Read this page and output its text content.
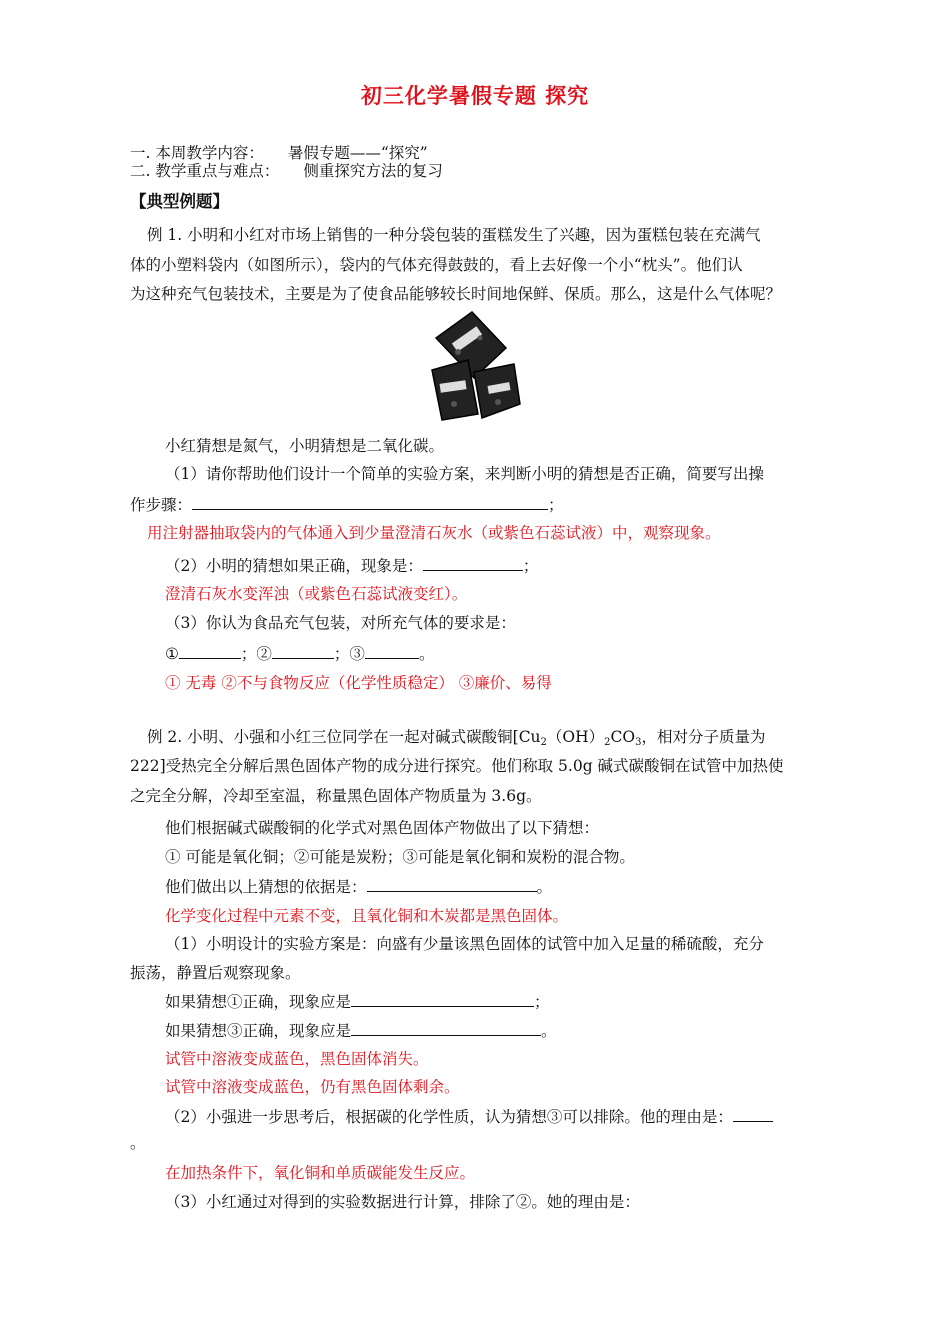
初三化学暑假专题 探究
一. 本周教学内容： 暑假专题——“探究”
二. 教学重点与难点： 侧重探究方法的复习
【典型例题】
例 1. 小明和小红对市场上销售的一种分袋包装的蛋糕发生了兴趣，因为蛋糕包装在充满气
体的小塑料袋内（如图所示），袋内的气体充得鼓鼓的，看上去好像一个小“枕头”。他们认
为这种充气包装技术，主要是为了使食品能够较长时间地保鲜、保质。那么，这是什么气体呢？
小红猜想是氮气，小明猜想是二氧化碳。
（1）请你帮助他们设计一个简单的实验方案，来判断小明的猜想是否正确，简要写出操
作步骤：	；
用注射器抽取袋内的气体通入到少量澄清石灰水（或紫色石蕊试液）中，观察现象。
（2）小明的猜想如果正确，现象是：	；
澄清石灰水变浑浊（或紫色石蕊试液变红）。
（3）你认为食品充气包装，对所充气体的要求是：
①	；②	；③	。
① 无毒 ②不与食物反应（化学性质稳定） ③廉价、易得
例 2. 小明、小强和小红三位同学在一起对碱式碳酸铜[$Cu_2(OH)_2CO_3$，相对分子质量为
222]受热完全分解后黑色固体产物的成分进行探究。他们称取 5.0g 碱式碳酸铜在试管中加热使
之完全分解，冷却至室温，称量黑色固体产物质量为 3.6g。
他们根据碱式碳酸铜的化学式对黑色固体产物做出了以下猜想：
① 可能是氧化铜；②可能是炭粉；③可能是氧化铜和炭粉的混合物。
他们做出以上猜想的依据是：	。
化学变化过程中元素不变，且氧化铜和木炭都是黑色固体。
（1）小明设计的实验方案是：向盛有少量该黑色固体的试管中加入足量的稀硫酸，充分
振荡，静置后观察现象。
如果猜想①正确，现象应是	；
如果猜想③正确，现象应是	。
试管中溶液变成蓝色，黑色固体消失。
试管中溶液变成蓝色，仍有黑色固体剩余。
（2）小强进一步思考后，根据碳的化学性质，认为猜想③可以排除。他的理由是：
。
在加热条件下，氧化铜和单质碳能发生反应。
（3）小红通过对得到的实验数据进行计算，排除了②。她的理由是：
